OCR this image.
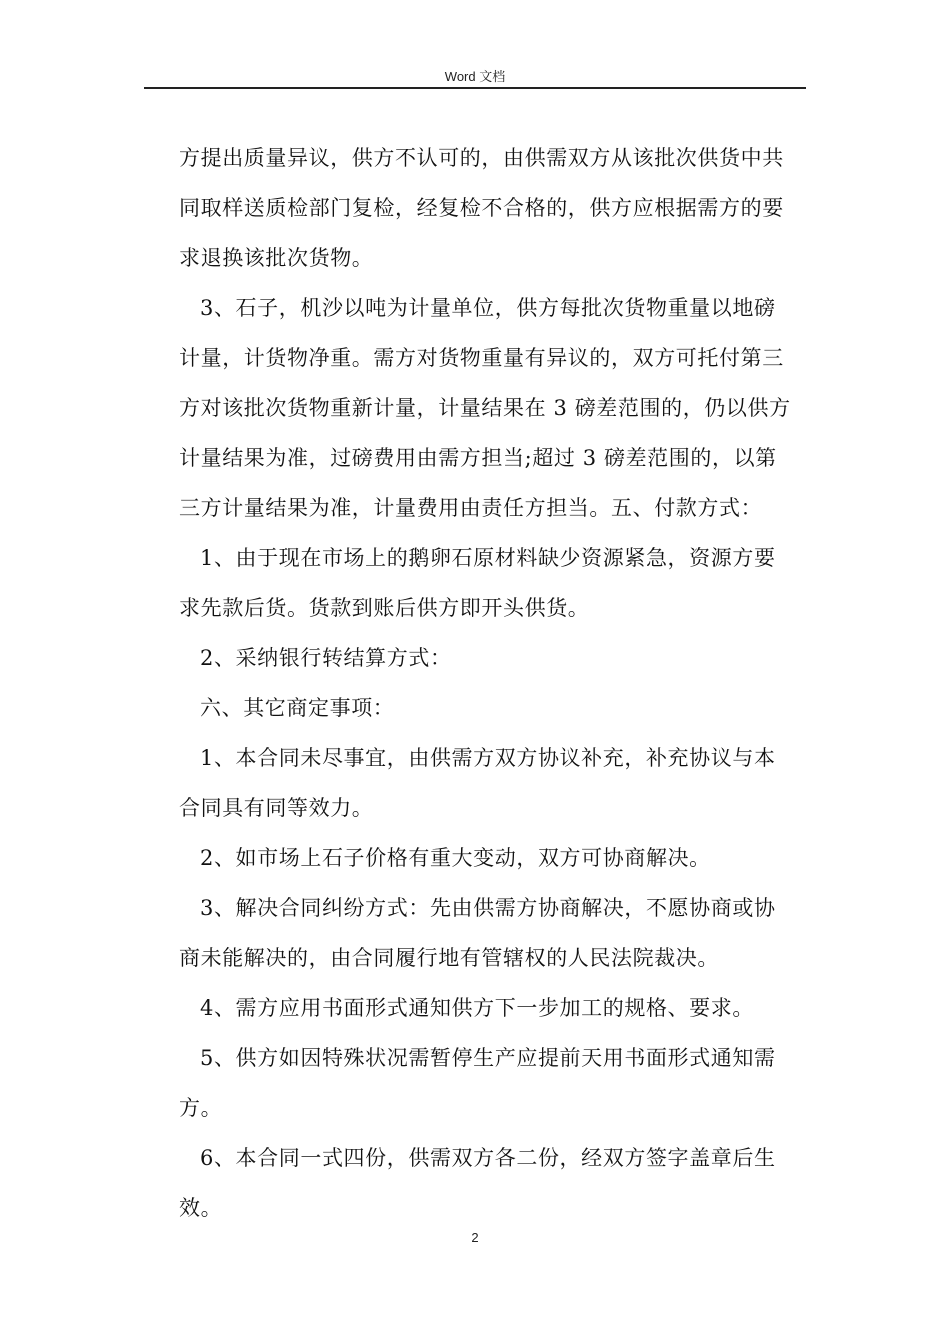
Word 文档

方提出质量异议，供方不认可的，由供需双方从该批次供货中共同取样送质检部门复检，经复检不合格的，供方应根据需方的要求退换该批次货物。

3、石子，机沙以吨为计量单位，供方每批次货物重量以地磅计量，计货物净重。需方对货物重量有异议的，双方可托付第三方对该批次货物重新计量，计量结果在 3 磅差范围的，仍以供方计量结果为准，过磅费用由需方担当;超过 3 磅差范围的，以第三方计量结果为准，计量费用由责任方担当。五、付款方式：

1、由于现在市场上的鹅卵石原材料缺少资源紧急，资源方要求先款后货。货款到账后供方即开头供货。

2、采纳银行转结算方式：

六、其它商定事项：

1、本合同未尽事宜，由供需方双方协议补充，补充协议与本合同具有同等效力。

2、如市场上石子价格有重大变动，双方可协商解决。

3、解决合同纠纷方式：先由供需方协商解决，不愿协商或协商未能解决的，由合同履行地有管辖权的人民法院裁决。

4、需方应用书面形式通知供方下一步加工的规格、要求。

5、供方如因特殊状况需暂停生产应提前天用书面形式通知需方。

6、本合同一式四份，供需双方各二份，经双方签字盖章后生效。

2
